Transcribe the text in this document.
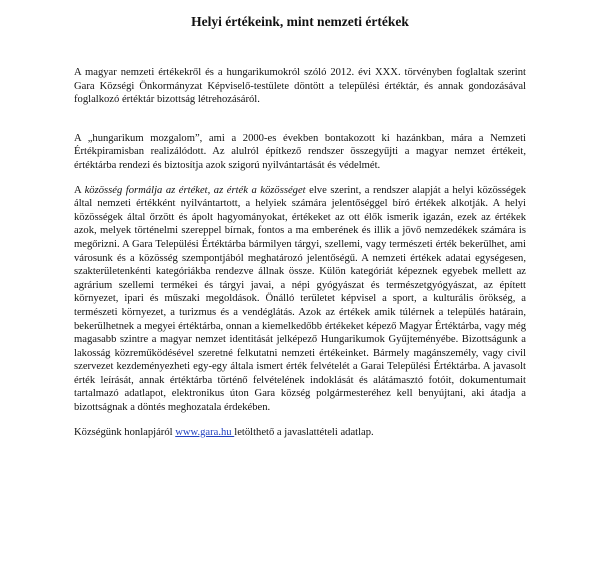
Helyi értékeink, mint nemzeti értékek

A magyar nemzeti értékekről és a hungarikumokról szóló 2012. évi XXX. törvényben foglaltak szerint Gara Községi Önkormányzat Képviselő-testülete döntött a települési értéktár, és annak gondozásával foglalkozó értéktár bizottság létrehozásáról.

A „hungarikum mozgalom”, ami a 2000-es években bontakozott ki hazánkban, mára a Nemzeti Értékpiramisban realizálódott. Az alulról építkező rendszer összegyűjti a magyar nemzet értékeit, értéktárba rendezi és biztosítja azok szigorú nyilvántartását és védelmét.

A közösség formálja az értéket, az érték a közösséget elve szerint, a rendszer alapját a helyi közösségek által nemzeti értékként nyilvántartott, a helyiek számára jelentőséggel bíró értékek alkotják. A helyi közösségek által őrzött és ápolt hagyományokat, értékeket az ott élők ismerik igazán, ezek az értékek azok, melyek történelmi szereppel bírnak, fontos a ma emberének és illik a jövő nemzedékek számára is megőrizni. A Gara Települési Értéktárba bármilyen tárgyi, szellemi, vagy természeti érték bekerülhet, ami városunk és a közösség szempontjából meghatározó jelentőségű. A nemzeti értékek adatai egységesen, szakterületenkénti kategóriákba rendezve állnak össze. Külön kategóriát képeznek egyebek mellett az agrárium szellemi termékei és tárgyi javai, a népi gyógyászat és természetgyógyászat, az épített környezet, ipari és műszaki megoldások. Önálló területet képvisel a sport, a kulturális örökség, a természeti környezet, a turizmus és a vendéglátás. Azok az értékek amik túlérnek a település határain, bekerülhetnek a megyei értéktárba, onnan a kiemelkedőbb értékeket képező Magyar Értéktárba, vagy még magasabb szintre a magyar nemzet identitását jelképező Hungarikumok Gyűjteményébe. Bizottságunk a lakosság közreműködésével szeretné felkutatni nemzeti értékeinket. Bármely magánszemély, vagy civil szervezet kezdeményezheti egy-egy általa ismert érték felvételét a Garai Települési Értéktárba. A javasolt érték leírását, annak értéktárba történő felvételének indoklását és alátámasztó fotóit, dokumentumait tartalmazó adatlapot, elektronikus úton Gara község polgármesteréhez kell benyújtani, aki átadja a bizottságnak a döntés meghozatala érdekében.

Községünk honlapjáról www.gara.hu letölthető a javaslattételi adatlap.
